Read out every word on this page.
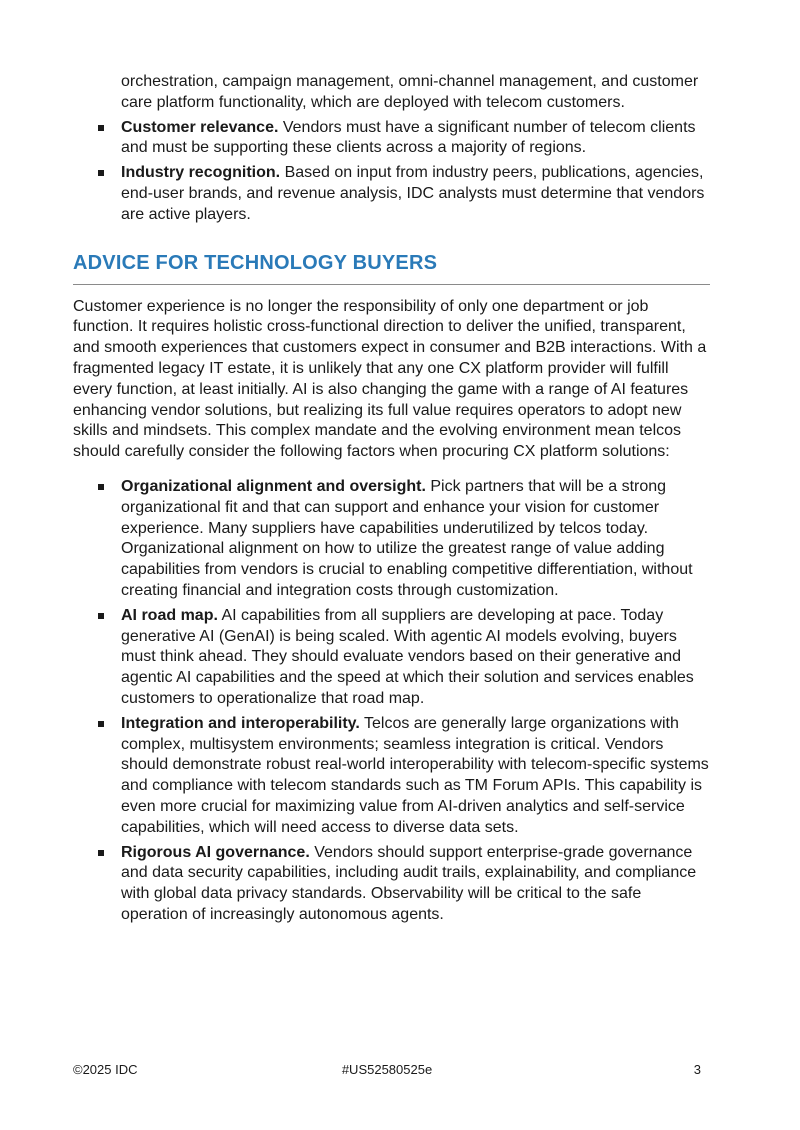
orchestration, campaign management, omni-channel management, and customer care platform functionality, which are deployed with telecom customers.

Customer relevance. Vendors must have a significant number of telecom clients and must be supporting these clients across a majority of regions.
Industry recognition. Based on input from industry peers, publications, agencies, end-user brands, and revenue analysis, IDC analysts must determine that vendors are active players.
ADVICE FOR TECHNOLOGY BUYERS

Customer experience is no longer the responsibility of only one department or job function. It requires holistic cross-functional direction to deliver the unified, transparent, and smooth experiences that customers expect in consumer and B2B interactions. With a fragmented legacy IT estate, it is unlikely that any one CX platform provider will fulfill every function, at least initially. AI is also changing the game with a range of AI features enhancing vendor solutions, but realizing its full value requires operators to adopt new skills and mindsets. This complex mandate and the evolving environment mean telcos should carefully consider the following factors when procuring CX platform solutions:

Organizational alignment and oversight. Pick partners that will be a strong organizational fit and that can support and enhance your vision for customer experience. Many suppliers have capabilities underutilized by telcos today. Organizational alignment on how to utilize the greatest range of value adding capabilities from vendors is crucial to enabling competitive differentiation, without creating financial and integration costs through customization.
AI road map. AI capabilities from all suppliers are developing at pace. Today generative AI (GenAI) is being scaled. With agentic AI models evolving, buyers must think ahead. They should evaluate vendors based on their generative and agentic AI capabilities and the speed at which their solution and services enables customers to operationalize that road map.
Integration and interoperability. Telcos are generally large organizations with complex, multisystem environments; seamless integration is critical. Vendors should demonstrate robust real-world interoperability with telecom-specific systems and compliance with telecom standards such as TM Forum APIs. This capability is even more crucial for maximizing value from AI-driven analytics and self-service capabilities, which will need access to diverse data sets.
Rigorous AI governance. Vendors should support enterprise-grade governance and data security capabilities, including audit trails, explainability, and compliance with global data privacy standards. Observability will be critical to the safe operation of increasingly autonomous agents.
©2025 IDC	#US52580525e	3
